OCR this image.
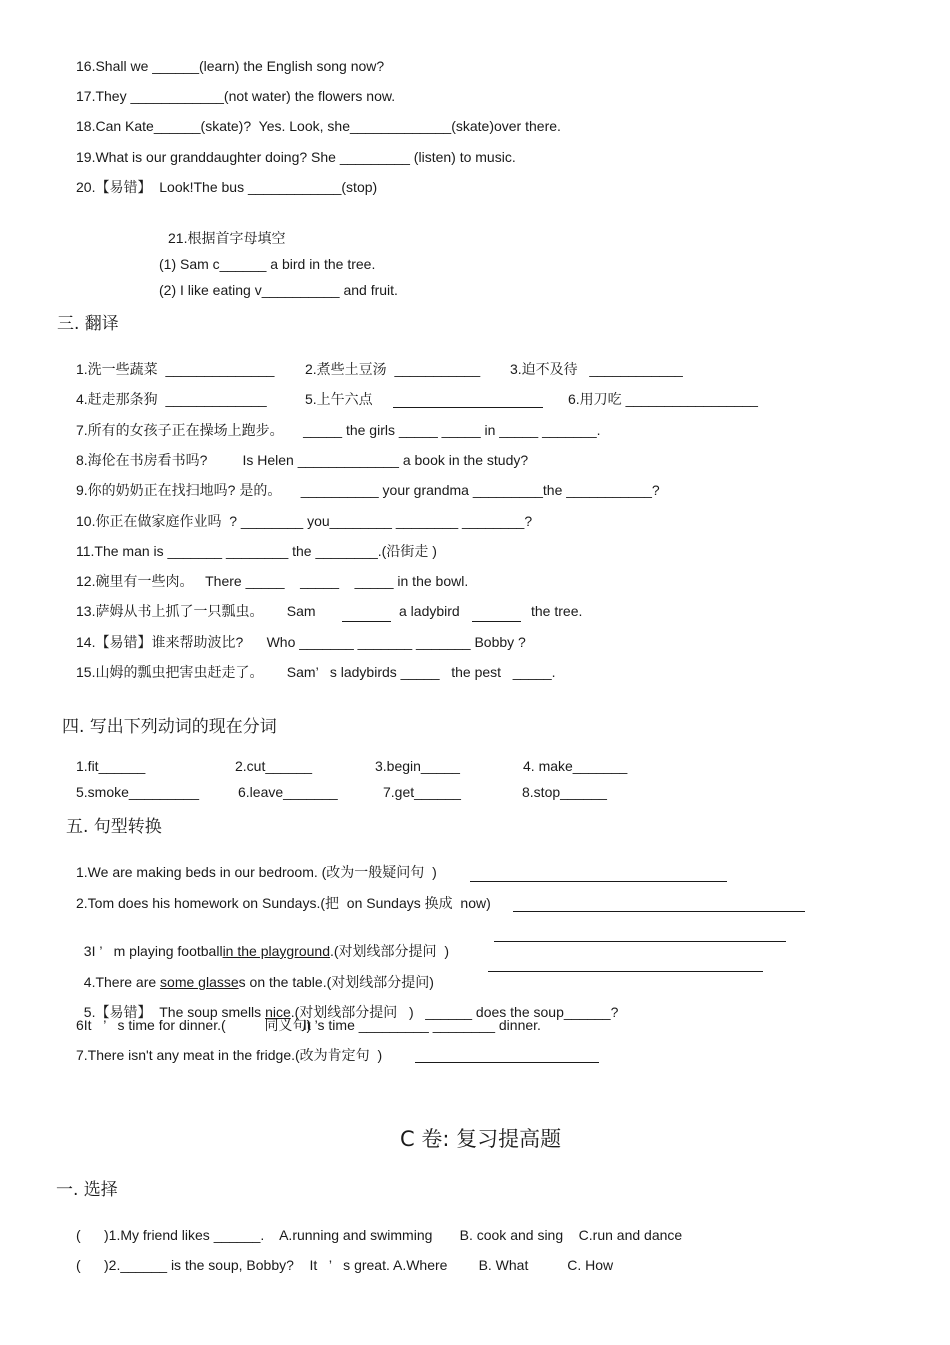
16.Shall we ______(learn) the English song now?
17.They ____________(not water) the flowers now.
18.Can Kate______(skate)?  Yes. Look, she_____________(skate)over there.
19.What is our granddaughter doing? She _________ (listen) to music.
20.【易错】  Look!The bus ____________(stop)
21.根据首字母填空
(1) Sam c______ a bird in the tree.
(2) I like eating v__________ and fruit.
三. 翻译
1.洗一些蔬菜  ______________ 2.煮些土豆汤  ___________ 3.迫不及待   ____________
4.赶走那条狗  _____________	5.上午六点	6.用刀吃 _________________
7.所有的女孩子正在操场上跑步。     _____ the girls _____ _____ in _____ _______.
8.海伦在书房看书吗?         Is Helen _____________ a book in the study?
9.你的奶奶正在找扫地吗? 是的。     __________ your grandma _________the ___________?
10.你正在做家庭作业吗  ? ________ you________ ________ ________?
11.The man is _______ ________ the ________.(沿街走 )
12.碗里有一些肉。   There _____    _____    _____ in the bowl.
13.萨姆从书上抓了一只瓢虫。      Sam	a ladybird	the tree.
14.【易错】谁来帮助波比?      Who _______ _______ _______ Bobby ?
15.山姆的瓢虫把害虫赶走了。      Sam’   s ladybirds _____   the pest   _____.
四. 写出下列动词的现在分词
1.fit______	2.cut______	3.begin_____	4. make_______
5.smoke_________	6.leave_______	7.get______	8.stop______
五. 句型转换
1.We are making beds in our bedroom. (改为一般疑问句  )
2.Tom does his homework on Sundays.(把  on Sundays 换成  now)

3I ’   m playing footballin the playground.(对划线部分提问  )

4.There are some glasses on the table.(对划线部分提问)

5.【易错】  The soup smells nice.(对划线部分提问   )   ______ does the soup______?

6It   ’   s time for dinner.(          同义句)
It ’s time _________ ________ dinner.
7.There isn't any meat in the fridge.(改为肯定句  )
C 卷: 复习提高题
一. 选择
(      )1.My friend likes ______.    A.running and swimming       B. cook and sing    C.run and dance
(      )2.______ is the soup, Bobby?    It   ’   s great. A.Where        B. What          C. How
